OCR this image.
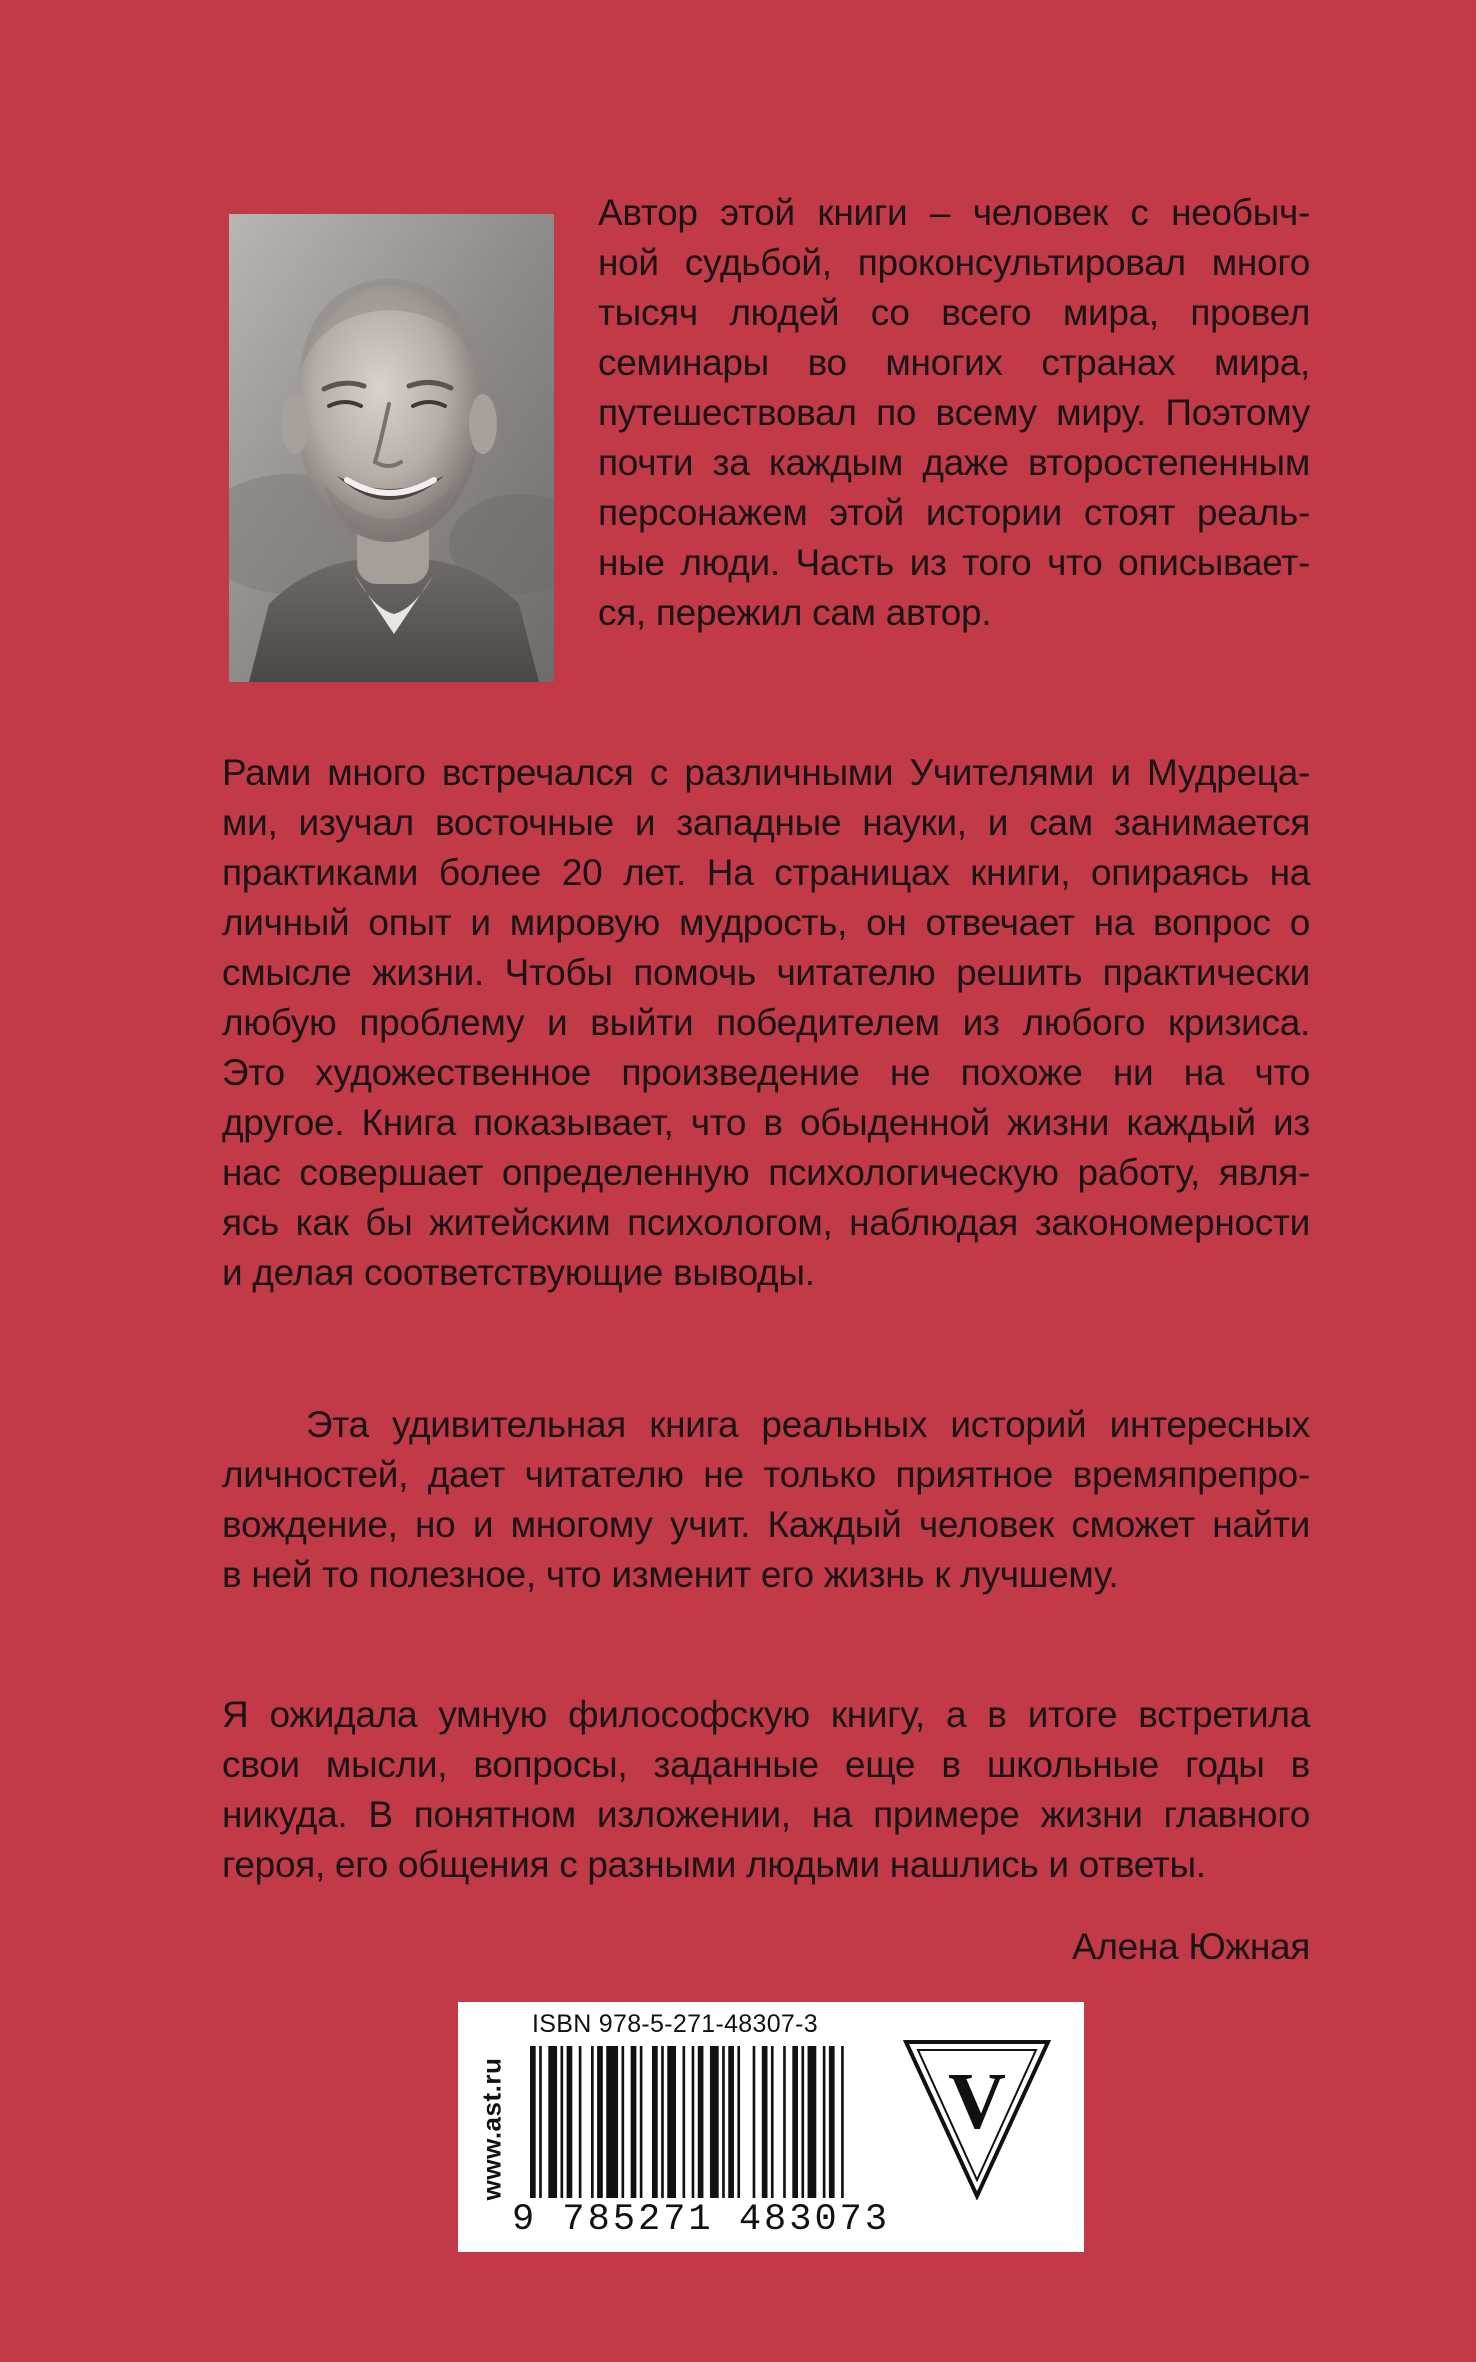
Автор этой книги – человек с необыч-
ной судьбой, проконсультировал много
тысяч людей со всего мира, провел
семинары во многих странах мира,
путешествовал по всему миру. Поэтому
почти за каждым даже второстепенным
персонажем этой истории стоят реаль-
ные люди. Часть из того что описывает-
ся, пережил сам автор.

Рами много встречался с различными Учителями и Мудреца-
ми, изучал восточные и западные науки, и сам занимается
практиками более 20 лет. На страницах книги, опираясь на
личный опыт и мировую мудрость, он отвечает на вопрос о
смысле жизни. Чтобы помочь читателю решить практически
любую проблему и выйти победителем из любого кризиса.
Это художественное произведение не похоже ни на что
другое. Книга показывает, что в обыденной жизни каждый из
нас совершает определенную психологическую работу, явля-
ясь как бы житейским психологом, наблюдая закономерности
и делая соответствующие выводы.

Эта удивительная книга реальных историй интересных
личностей, дает читателю не только приятное времяпрепро-
вождение, но и многому учит. Каждый человек сможет найти
в ней то полезное, что изменит его жизнь к лучшему.

Я ожидала умную философскую книгу, а в итоге встретила
свои мысли, вопросы, заданные еще в школьные годы в
никуда. В понятном изложении, на примере жизни главного
героя, его общения с разными людьми нашлись и ответы.

Алена Южная
www.ast.ru
ISBN 978-5-271-48307-3
9 785271 483073
V
